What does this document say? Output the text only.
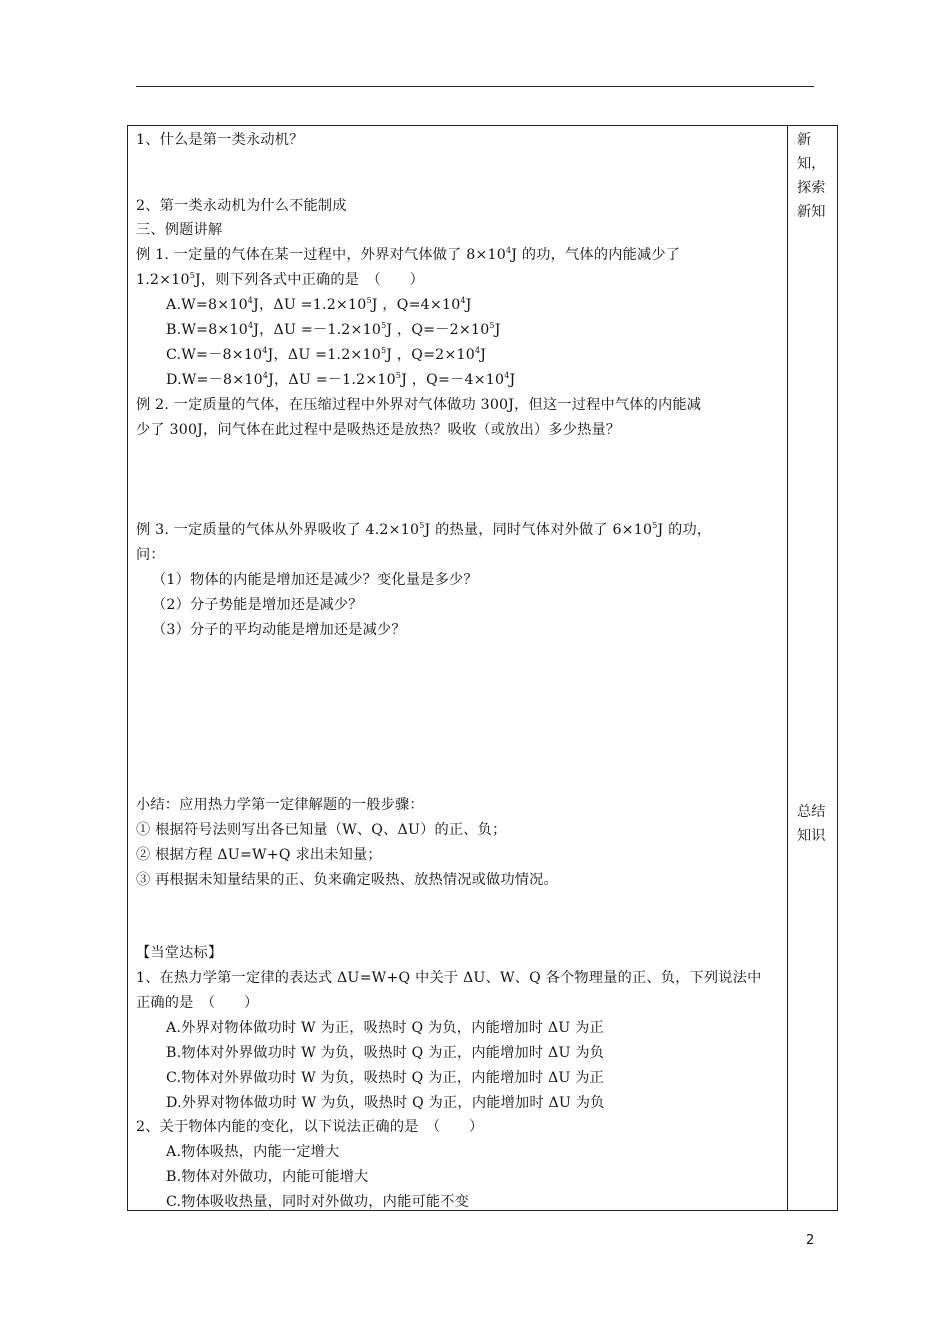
新
知，
探索
新知
总结
知识
1、什么是第一类永动机？
2、第一类永动机为什么不能制成
三、例题讲解
例 1. 一定量的气体在某一过程中，外界对气体做了 $8\times 10^4J$ 的功，气体的内能减少了
$1.2\times 10^5J$，则下列各式中正确的是　（　　）
$A.W=8\times 10^4J$，$\Delta U =1.2\times 10^5J$ ，$Q=4\times 10^4J$
$B.W=8\times 10^4J$，$\Delta U =-1.2\times 10^5J$ ，$Q=-2\times 10^5J$
$C.W=-8\times 10^4J$，$\Delta U =1.2\times 10^5J$ ，$Q=2\times 10^4J$
$D.W=-8\times 10^4J$，$\Delta U =-1.2\times 10^5J$ ，$Q=-4\times 10^4J$
例 2. 一定质量的气体，在压缩过程中外界对气体做功 300J，但这一过程中气体的内能减
少了 300J，问气体在此过程中是吸热还是放热？吸收（或放出）多少热量？
例 3. 一定质量的气体从外界吸收了 $4.2\times 10^5J$ 的热量，同时气体对外做了 $6\times 10^5J$ 的功，
问：
（1）物体的内能是增加还是减少？变化量是多少？
（2）分子势能是增加还是减少？
（3）分子的平均动能是增加还是减少？
小结：应用热力学第一定律解题的一般步骤：
① 根据符号法则写出各已知量（W、Q、ΔU）的正、负；
② 根据方程 ΔU=W+Q 求出未知量；
③ 再根据未知量结果的正、负来确定吸热、放热情况或做功情况。
【当堂达标】
1、在热力学第一定律的表达式 ΔU=W+Q 中关于 ΔU、W、Q 各个物理量的正、负，下列说法中
正确的是　（　　）
A.外界对物体做功时 W 为正，吸热时 Q 为负，内能增加时 ΔU 为正
B.物体对外界做功时 W 为负，吸热时 Q 为正，内能增加时 ΔU 为负
C.物体对外界做功时 W 为负，吸热时 Q 为正，内能增加时 ΔU 为正
D.外界对物体做功时 W 为负，吸热时 Q 为正，内能增加时 ΔU 为负
2、关于物体内能的变化，以下说法正确的是　（　　）
A.物体吸热，内能一定增大
B.物体对外做功，内能可能增大
C.物体吸收热量，同时对外做功，内能可能不变
2
